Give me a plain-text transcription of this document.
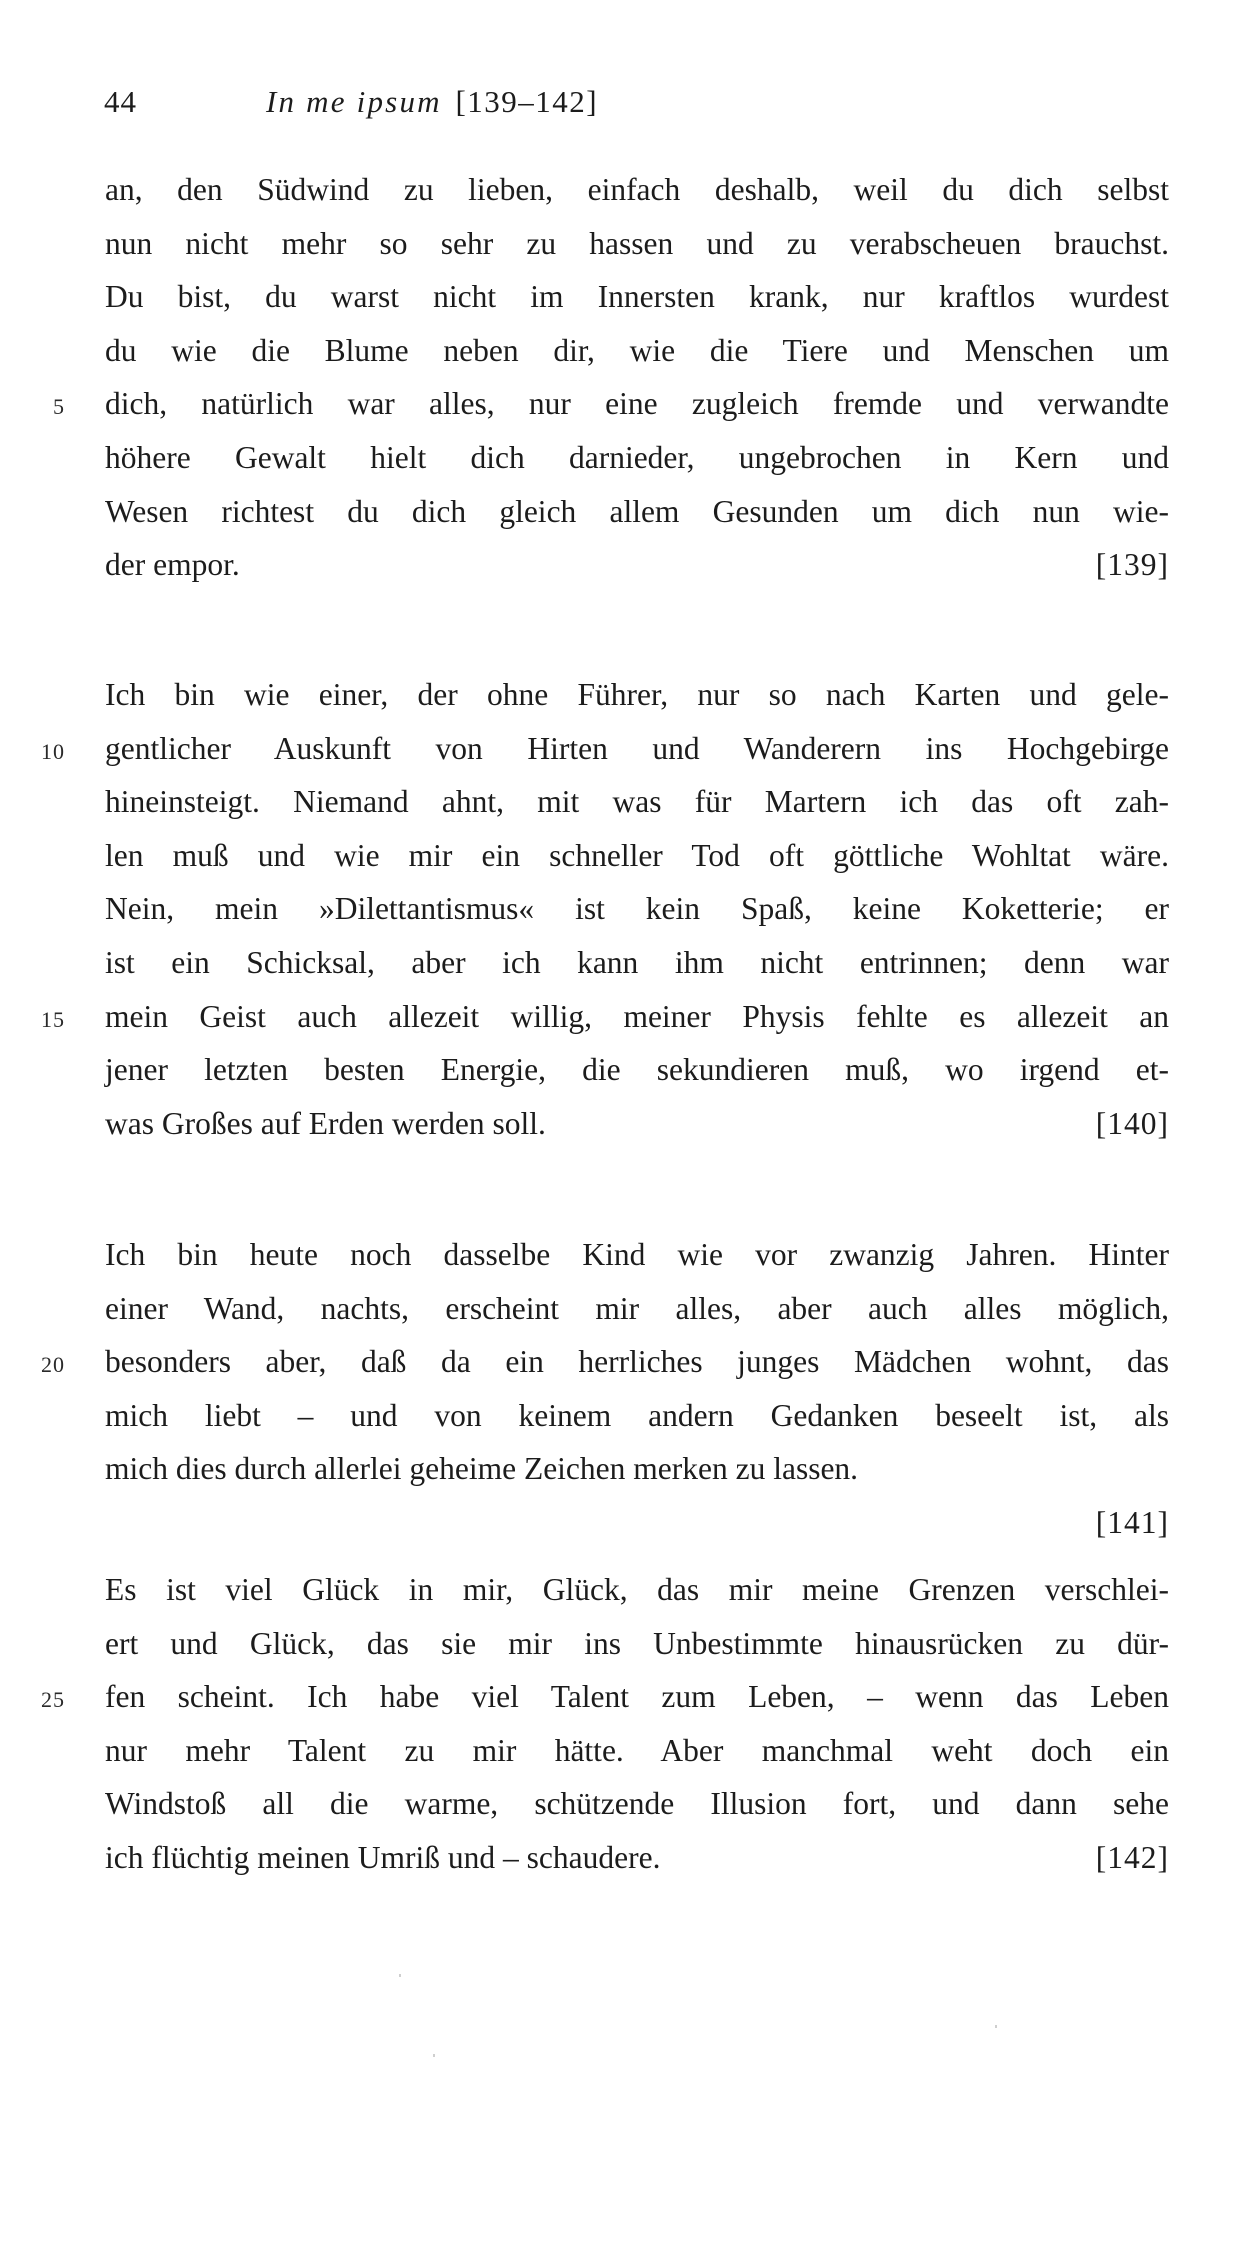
44	In me ipsum [139–142]
an, den Südwind zu lieben, einfach deshalb, weil du dich selbst
nun nicht mehr so sehr zu hassen und zu verabscheuen brauchst.
Du bist, du warst nicht im Innersten krank, nur kraftlos wurdest
du wie die Blume neben dir, wie die Tiere und Menschen um
dich, natürlich war alles, nur eine zugleich fremde und verwandte
5
höhere Gewalt hielt dich darnieder, ungebrochen in Kern und
Wesen richtest du dich gleich allem Gesunden um dich nun wie-
der empor.	[139]
Ich bin wie einer, der ohne Führer, nur so nach Karten und gele-
gentlicher Auskunft von Hirten und Wanderern ins Hochgebirge
10
hineinsteigt. Niemand ahnt, mit was für Martern ich das oft zah-
len muß und wie mir ein schneller Tod oft göttliche Wohltat wäre.
Nein, mein »Dilettantismus« ist kein Spaß, keine Koketterie; er
ist ein Schicksal, aber ich kann ihm nicht entrinnen; denn war
mein Geist auch allezeit willig, meiner Physis fehlte es allezeit an
15
jener letzten besten Energie, die sekundieren muß, wo irgend et-
was Großes auf Erden werden soll.	[140]
Ich bin heute noch dasselbe Kind wie vor zwanzig Jahren. Hinter
einer Wand, nachts, erscheint mir alles, aber auch alles möglich,
besonders aber, daß da ein herrliches junges Mädchen wohnt, das
20
mich liebt – und von keinem andern Gedanken beseelt ist, als
mich dies durch allerlei geheime Zeichen merken zu lassen.
[141]
Es ist viel Glück in mir, Glück, das mir meine Grenzen verschlei-
ert und Glück, das sie mir ins Unbestimmte hinausrücken zu dür-
fen scheint. Ich habe viel Talent zum Leben, – wenn das Leben
25
nur mehr Talent zu mir hätte. Aber manchmal weht doch ein
Windstoß all die warme, schützende Illusion fort, und dann sehe
ich flüchtig meinen Umriß und – schaudere.	[142]
